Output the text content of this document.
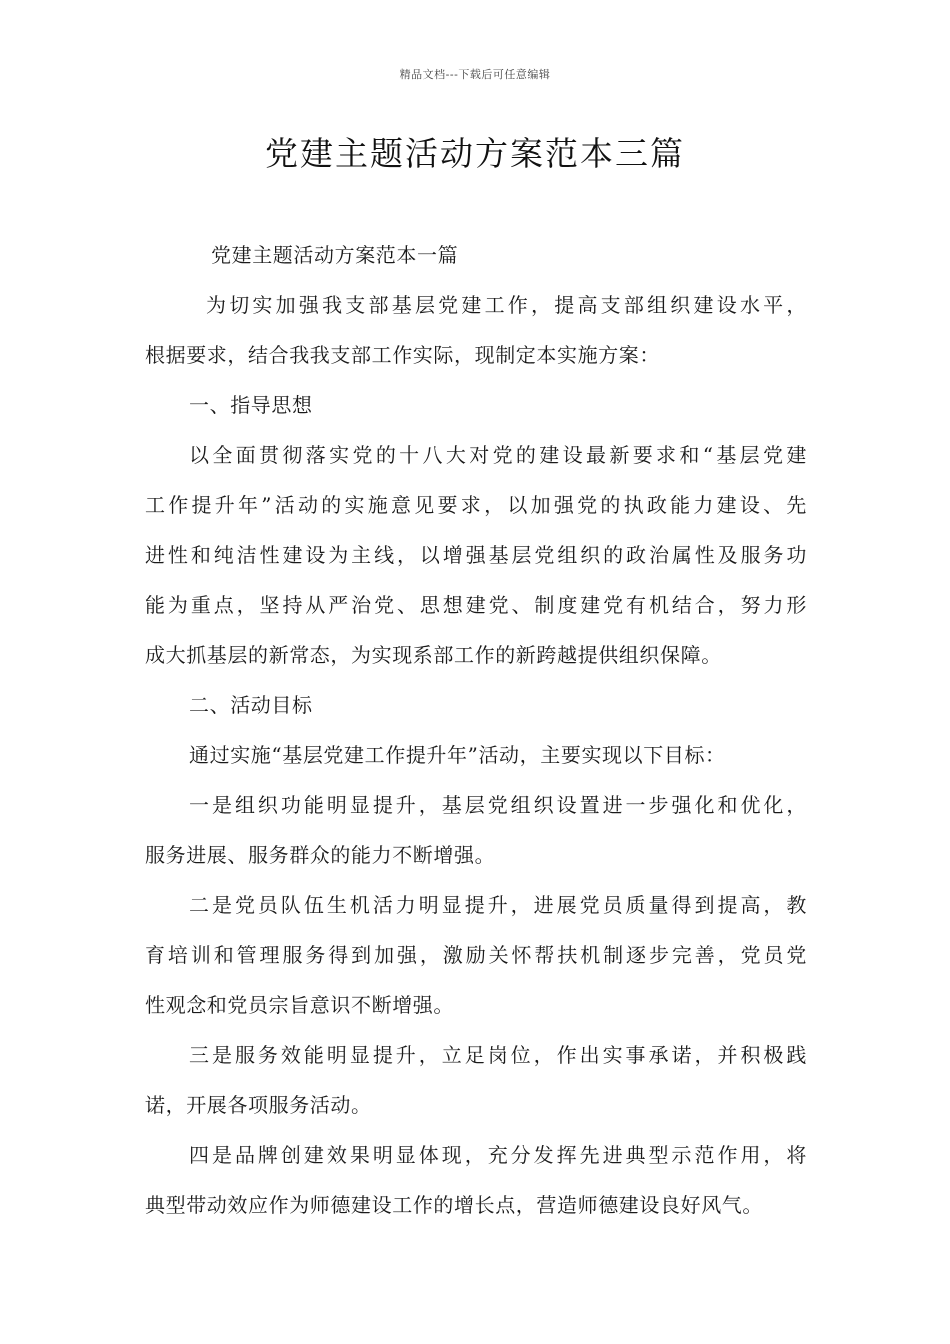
精品文档---下载后可任意编辑
党建主题活动方案范本三篇
党建主题活动方案范本一篇
为切实加强我支部基层党建工作，提高支部组织建设水平，
根据要求，结合我我支部工作实际，现制定本实施方案：
一、指导思想
以全面贯彻落实党的十八大对党的建设最新要求和“基层党建
工作提升年”活动的实施意见要求，以加强党的执政能力建设、先
进性和纯洁性建设为主线，以增强基层党组织的政治属性及服务功
能为重点，坚持从严治党、思想建党、制度建党有机结合，努力形
成大抓基层的新常态，为实现系部工作的新跨越提供组织保障。
二、活动目标
通过实施“基层党建工作提升年”活动，主要实现以下目标：
一是组织功能明显提升，基层党组织设置进一步强化和优化，
服务进展、服务群众的能力不断增强。
二是党员队伍生机活力明显提升，进展党员质量得到提高，教
育培训和管理服务得到加强，激励关怀帮扶机制逐步完善，党员党
性观念和党员宗旨意识不断增强。
三是服务效能明显提升，立足岗位，作出实事承诺，并积极践
诺，开展各项服务活动。
四是品牌创建效果明显体现，充分发挥先进典型示范作用，将
典型带动效应作为师德建设工作的增长点，营造师德建设良好风气。
